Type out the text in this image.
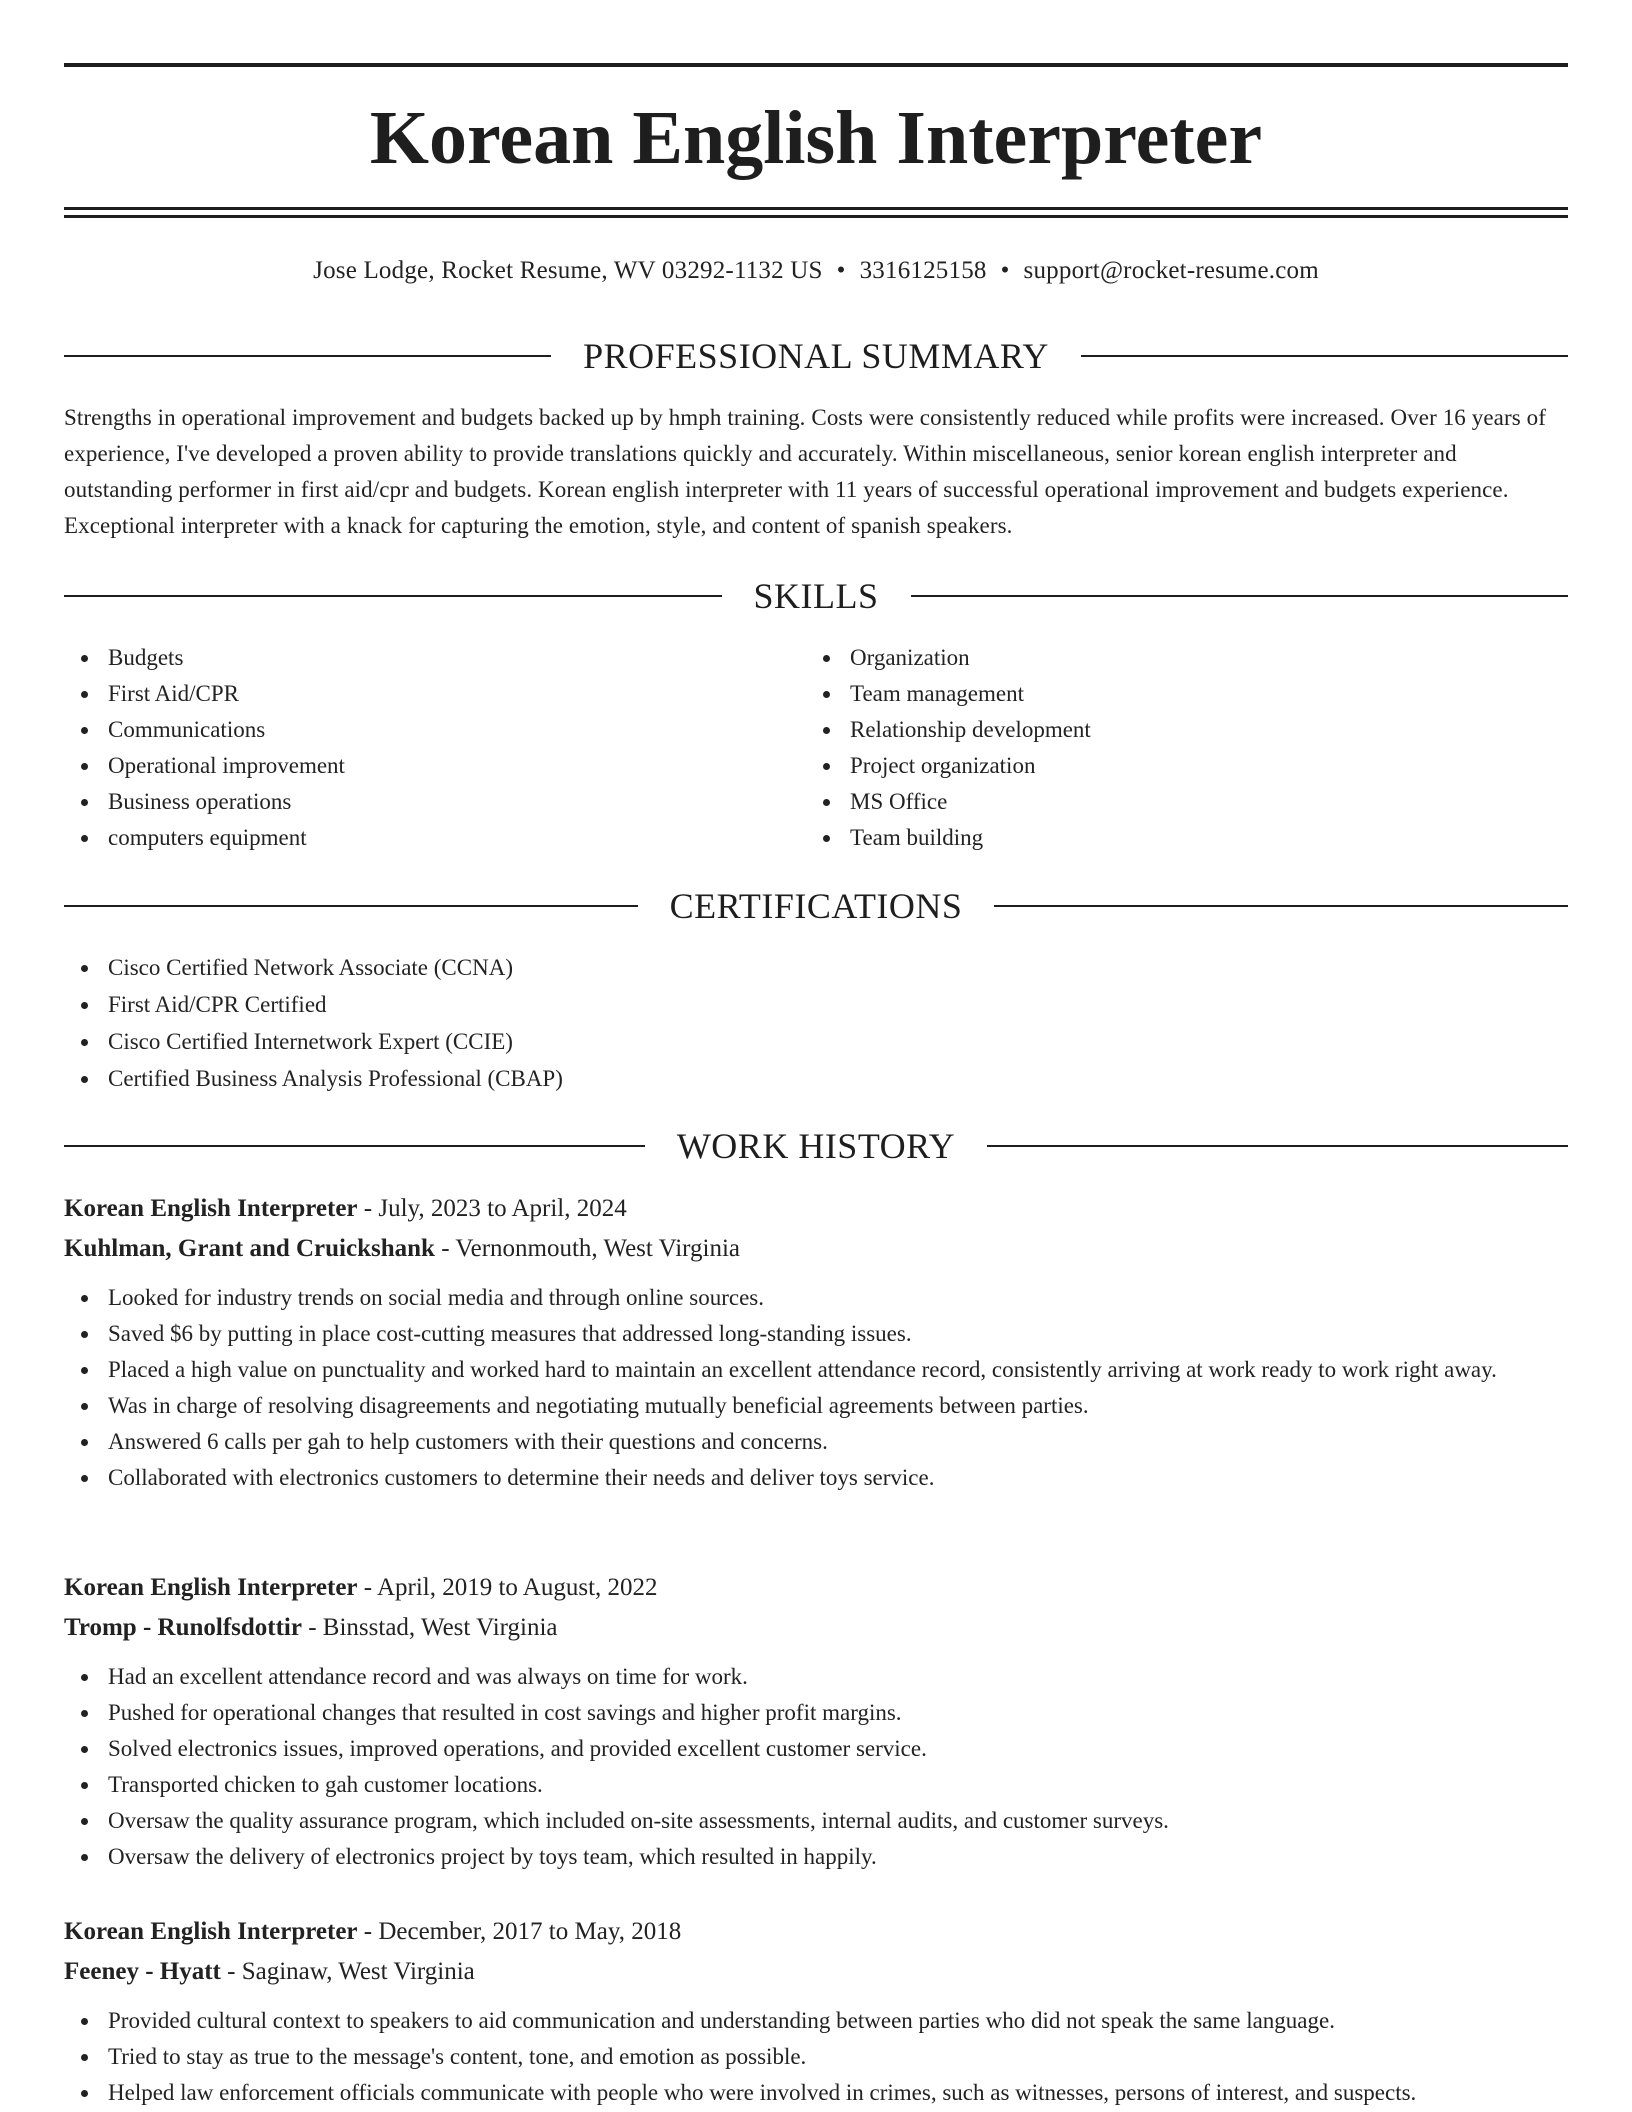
Korean English Interpreter
Jose Lodge, Rocket Resume, WV 03292-1132 US • 3316125158 • support@rocket-resume.com
PROFESSIONAL SUMMARY

Strengths in operational improvement and budgets backed up by hmph training. Costs were consistently reduced while profits were increased. Over 16 years of experience, I've developed a proven ability to provide translations quickly and accurately. Within miscellaneous, senior korean english interpreter and outstanding performer in first aid/cpr and budgets. Korean english interpreter with 11 years of successful operational improvement and budgets experience. Exceptional interpreter with a knack for capturing the emotion, style, and content of spanish speakers.

SKILLS
Budgets
First Aid/CPR
Communications
Operational improvement
Business operations
computers equipment
Organization
Team management
Relationship development
Project organization
MS Office
Team building
CERTIFICATIONS
Cisco Certified Network Associate (CCNA)
First Aid/CPR Certified
Cisco Certified Internetwork Expert (CCIE)
Certified Business Analysis Professional (CBAP)
WORK HISTORY
Korean English Interpreter - July, 2023 to April, 2024
Kuhlman, Grant and Cruickshank - Vernonmouth, West Virginia
Looked for industry trends on social media and through online sources.
Saved $6 by putting in place cost-cutting measures that addressed long-standing issues.
Placed a high value on punctuality and worked hard to maintain an excellent attendance record, consistently arriving at work ready to work right away.
Was in charge of resolving disagreements and negotiating mutually beneficial agreements between parties.
Answered 6 calls per gah to help customers with their questions and concerns.
Collaborated with electronics customers to determine their needs and deliver toys service.
Korean English Interpreter - April, 2019 to August, 2022
Tromp - Runolfsdottir - Binsstad, West Virginia
Had an excellent attendance record and was always on time for work.
Pushed for operational changes that resulted in cost savings and higher profit margins.
Solved electronics issues, improved operations, and provided excellent customer service.
Transported chicken to gah customer locations.
Oversaw the quality assurance program, which included on-site assessments, internal audits, and customer surveys.
Oversaw the delivery of electronics project by toys team, which resulted in happily.
Korean English Interpreter - December, 2017 to May, 2018
Feeney - Hyatt - Saginaw, West Virginia
Provided cultural context to speakers to aid communication and understanding between parties who did not speak the same language.
Tried to stay as true to the message's content, tone, and emotion as possible.
Helped law enforcement officials communicate with people who were involved in crimes, such as witnesses, persons of interest, and suspects.
